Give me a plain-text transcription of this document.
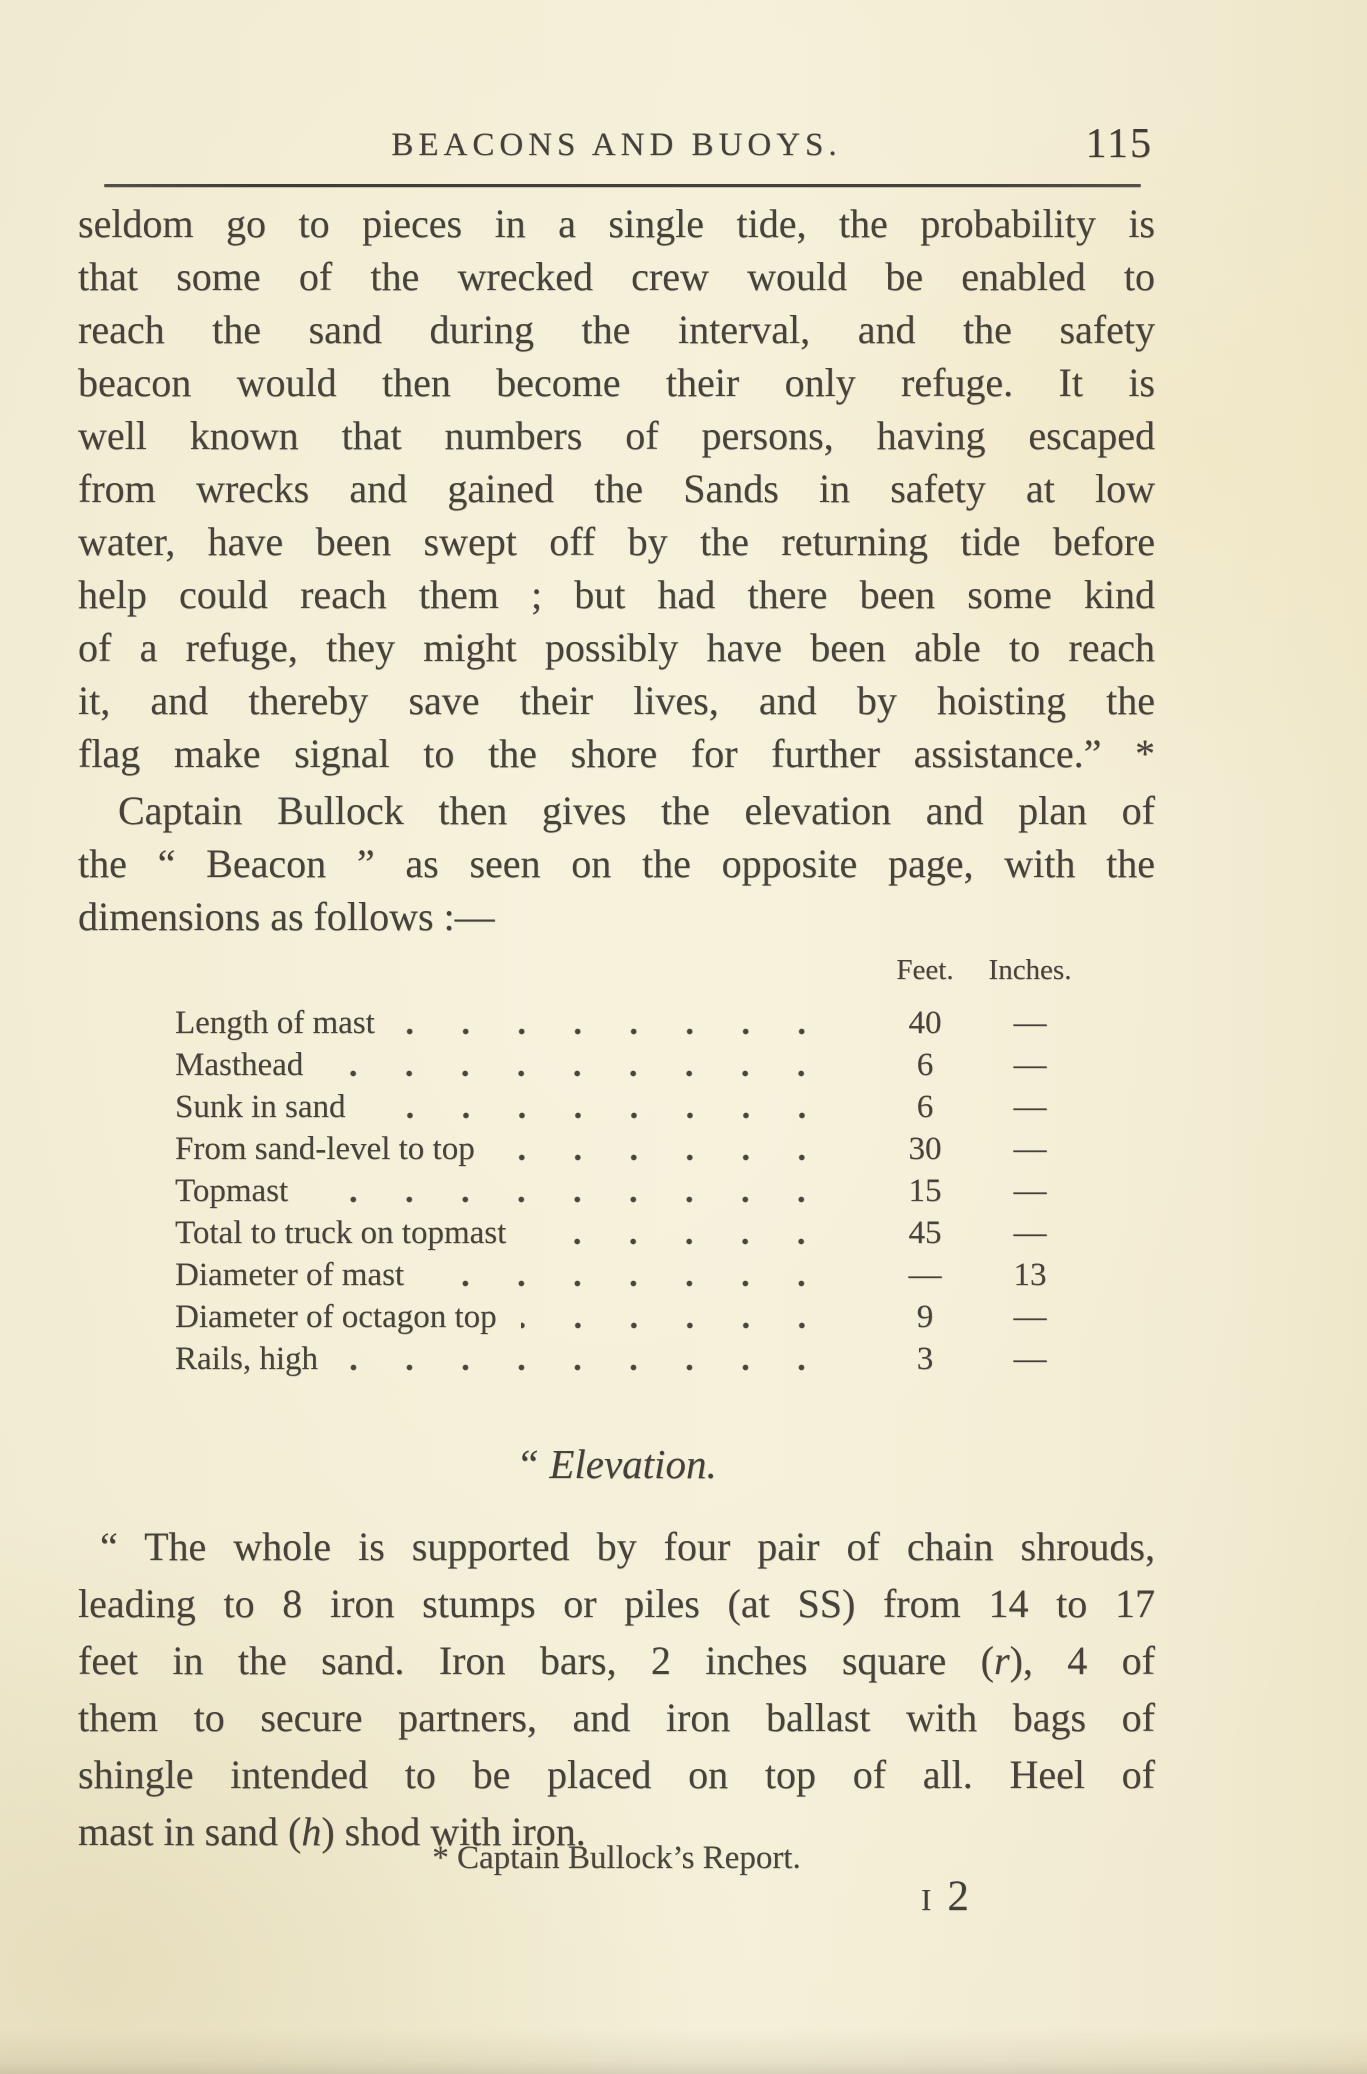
BEACONS AND BUOYS.	115
seldom go to pieces in a single tide, the probability is
that some of the wrecked crew would be enabled to
reach the sand during the interval, and the safety
beacon would then become their only refuge. It is
well known that numbers of persons, having escaped
from wrecks and gained the Sands in safety at low
water, have been swept off by the returning tide before
help could reach them ; but had there been some kind
of a refuge, they might possibly have been able to reach
it, and thereby save their lives, and by hoisting the
flag make signal to the shore for further assistance.” *
Captain Bullock then gives the elevation and plan of
the “ Beacon ” as seen on the opposite page, with the
dimensions as follows :—
Feet.	Inches.
Length of mast	40	—
Masthead	6	—
Sunk in sand	6	—
From sand-level to top	30	—
Topmast	15	—
Total to truck on topmast	45	—
Diameter of mast	—	13
Diameter of octagon top	9	—
Rails, high	3	—
“ Elevation.
“ The whole is supported by four pair of chain shrouds,
leading to 8 iron stumps or piles (at SS) from 14 to 17
feet in the sand. Iron bars, 2 inches square (r), 4 of
them to secure partners, and iron ballast with bags of
shingle intended to be placed on top of all. Heel of
mast in sand (h) shod with iron.
* Captain Bullock’s Report.
I 2
